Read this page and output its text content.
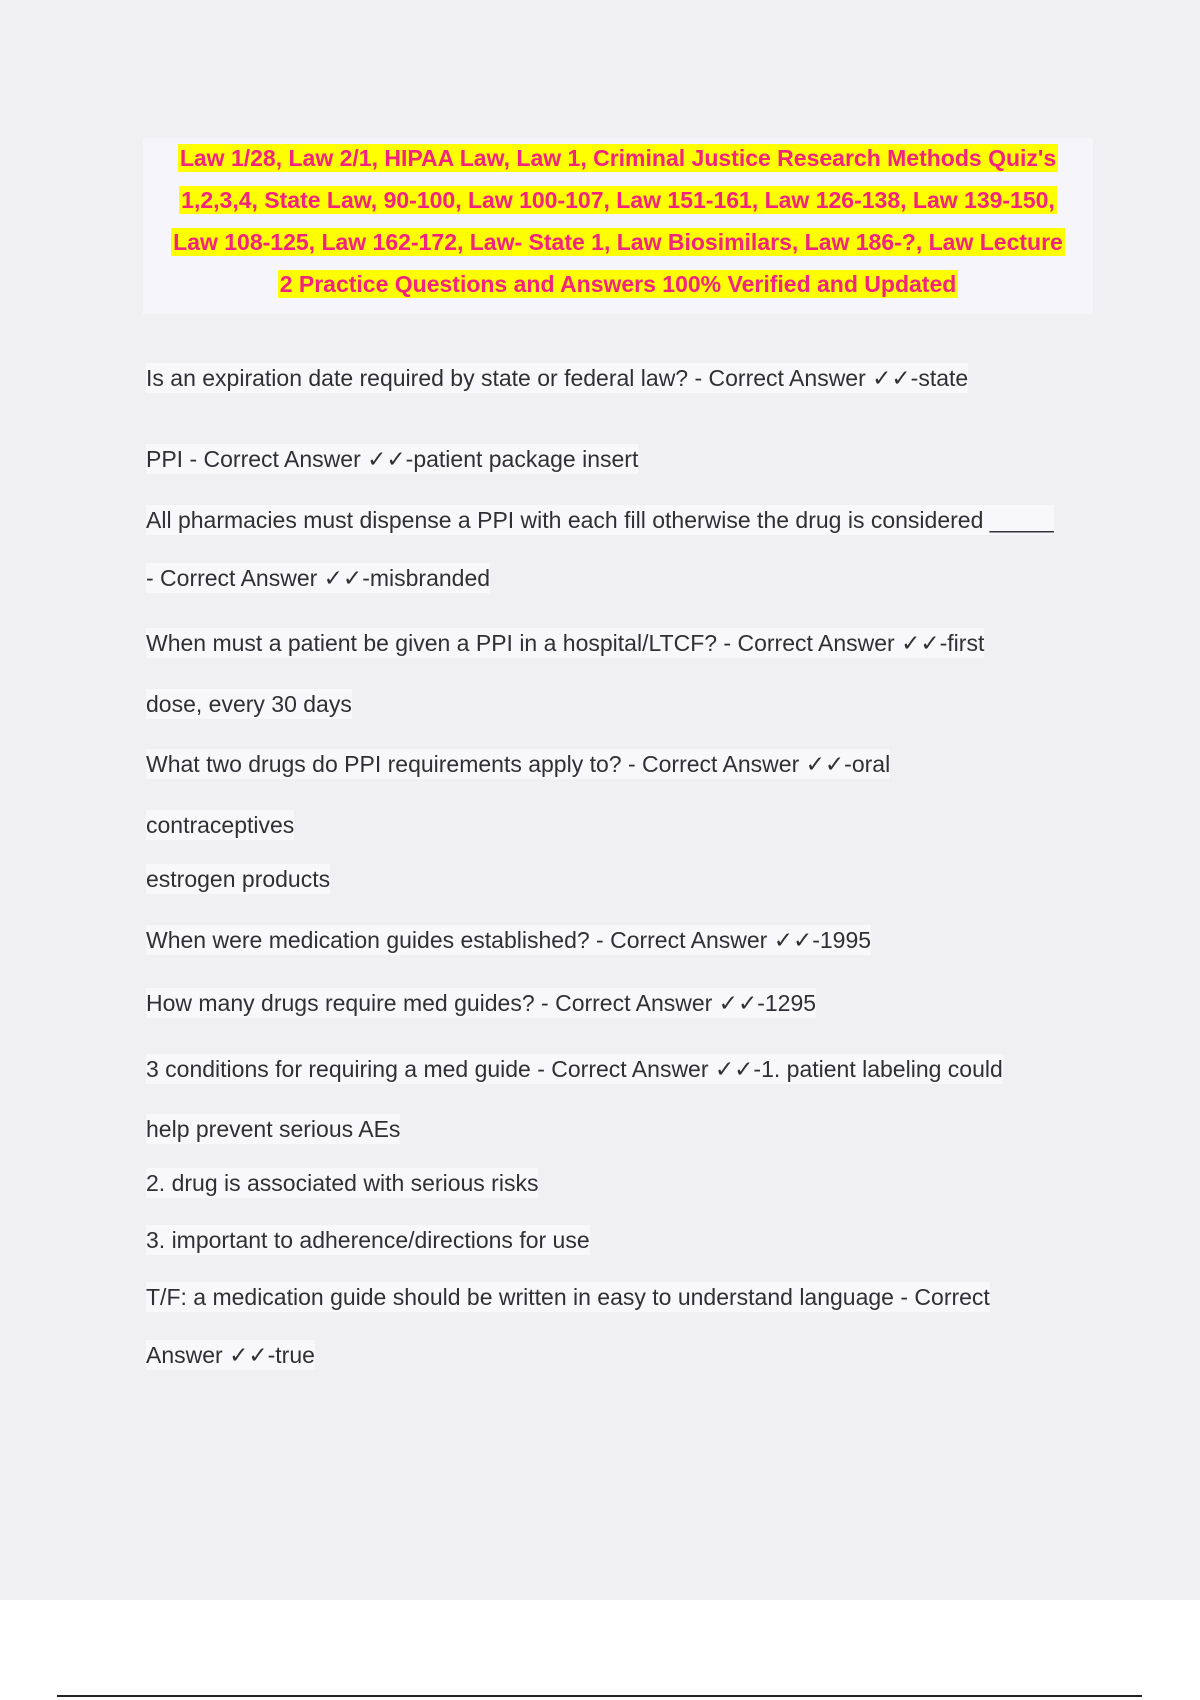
Law 1/28, Law 2/1, HIPAA Law, Law 1, Criminal Justice Research Methods Quiz's
1,2,3,4, State Law, 90-100, Law 100-107, Law 151-161, Law 126-138, Law 139-150,
Law 108-125, Law 162-172, Law- State 1, Law Biosimilars, Law 186-?, Law Lecture
2 Practice Questions and Answers 100% Verified and Updated
Is an expiration date required by state or federal law? - Correct Answer ✓✓-state
PPI - Correct Answer ✓✓-patient package insert
All pharmacies must dispense a PPI with each fill otherwise the drug is considered _____
- Correct Answer ✓✓-misbranded
When must a patient be given a PPI in a hospital/LTCF? - Correct Answer ✓✓-first
dose, every 30 days
What two drugs do PPI requirements apply to? - Correct Answer ✓✓-oral
contraceptives
estrogen products
When were medication guides established? - Correct Answer ✓✓-1995
How many drugs require med guides? - Correct Answer ✓✓-1295
3 conditions for requiring a med guide - Correct Answer ✓✓-1. patient labeling could
help prevent serious AEs
2. drug is associated with serious risks
3. important to adherence/directions for use
T/F: a medication guide should be written in easy to understand language - Correct
Answer ✓✓-true
